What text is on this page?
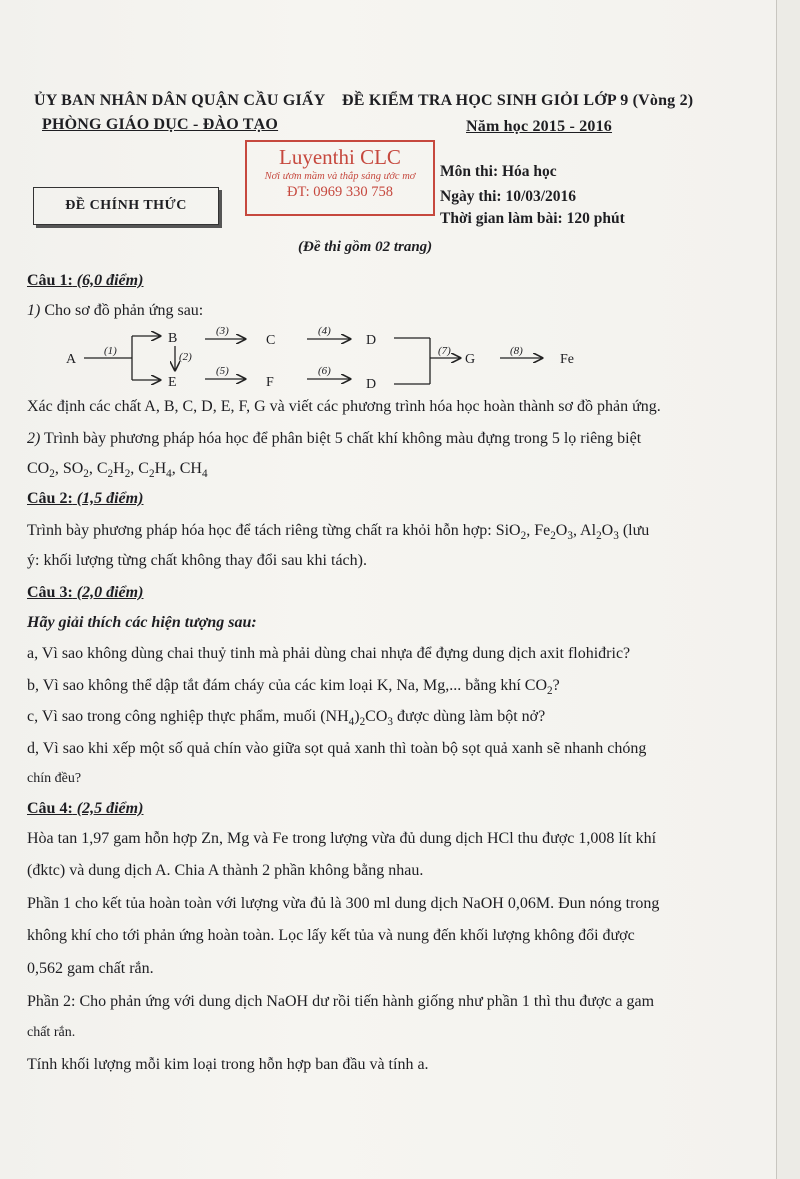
ỦY BAN NHÂN DÂN QUẬN CẦU GIẤY ĐỀ KIỂM TRA HỌC SINH GIỎI LỚP 9 (Vòng 2)
PHÒNG GIÁO DỤC - ĐÀO TẠO	Năm học 2015 - 2016
Luyenthi CLC
Nơi ươm mầm và thắp sáng ước mơ
ĐT: 0969 330 758
ĐỀ CHÍNH THỨC
Môn thi: Hóa học
Ngày thi: 10/03/2016
Thời gian làm bài: 120 phút
(Đề thi gồm 02 trang)
Câu 1: (6,0 điểm)
1) Cho sơ đồ phản ứng sau:
A
B	C	D
E	F	D
G	Fe
(1)	(2)
(3)	(4)
(5)	(6)
(7)	(8)
Xác định các chất A, B, C, D, E, F, G và viết các phương trình hóa học hoàn thành sơ đồ phản ứng.
2) Trình bày phương pháp hóa học để phân biệt 5 chất khí không màu đựng trong 5 lọ riêng biệt
$CO_2$, $SO_2$, $C_2H_2$, $C_2H_4$, $CH_4$
Câu 2: (1,5 điểm)
Trình bày phương pháp hóa học để tách riêng từng chất ra khỏi hỗn hợp: SiO$_2$, $Fe_2O_3$, $Al_2O_3$ (lưu
ý: khối lượng từng chất không thay đổi sau khi tách).
Câu 3: (2,0 điểm)
Hãy giải thích các hiện tượng sau:
a, Vì sao không dùng chai thuỷ tinh mà phải dùng chai nhựa để đựng dung dịch axit flohiđric?
b, Vì sao không thể dập tắt đám cháy của các kim loại K, Na, Mg,... bằng khí $CO_2$?
c, Vì sao trong công nghiệp thực phẩm, muối $(NH_4)_2CO_3$ được dùng làm bột nở?
d, Vì sao khi xếp một số quả chín vào giữa sọt quả xanh thì toàn bộ sọt quả xanh sẽ nhanh chóng
chín đều?
Câu 4: (2,5 điểm)
Hòa tan 1,97 gam hỗn hợp Zn, Mg và Fe trong lượng vừa đủ dung dịch HCl thu được 1,008 lít khí
(đktc) và dung dịch A. Chia A thành 2 phần không bằng nhau.
Phần 1 cho kết tủa hoàn toàn với lượng vừa đủ là 300 ml dung dịch NaOH 0,06M. Đun nóng trong
không khí cho tới phản ứng hoàn toàn. Lọc lấy kết tủa và nung đến khối lượng không đổi được
0,562 gam chất rắn.
Phần 2: Cho phản ứng với dung dịch NaOH dư rồi tiến hành giống như phần 1 thì thu được a gam
chất rắn.
Tính khối lượng mỗi kim loại trong hỗn hợp ban đầu và tính a.
